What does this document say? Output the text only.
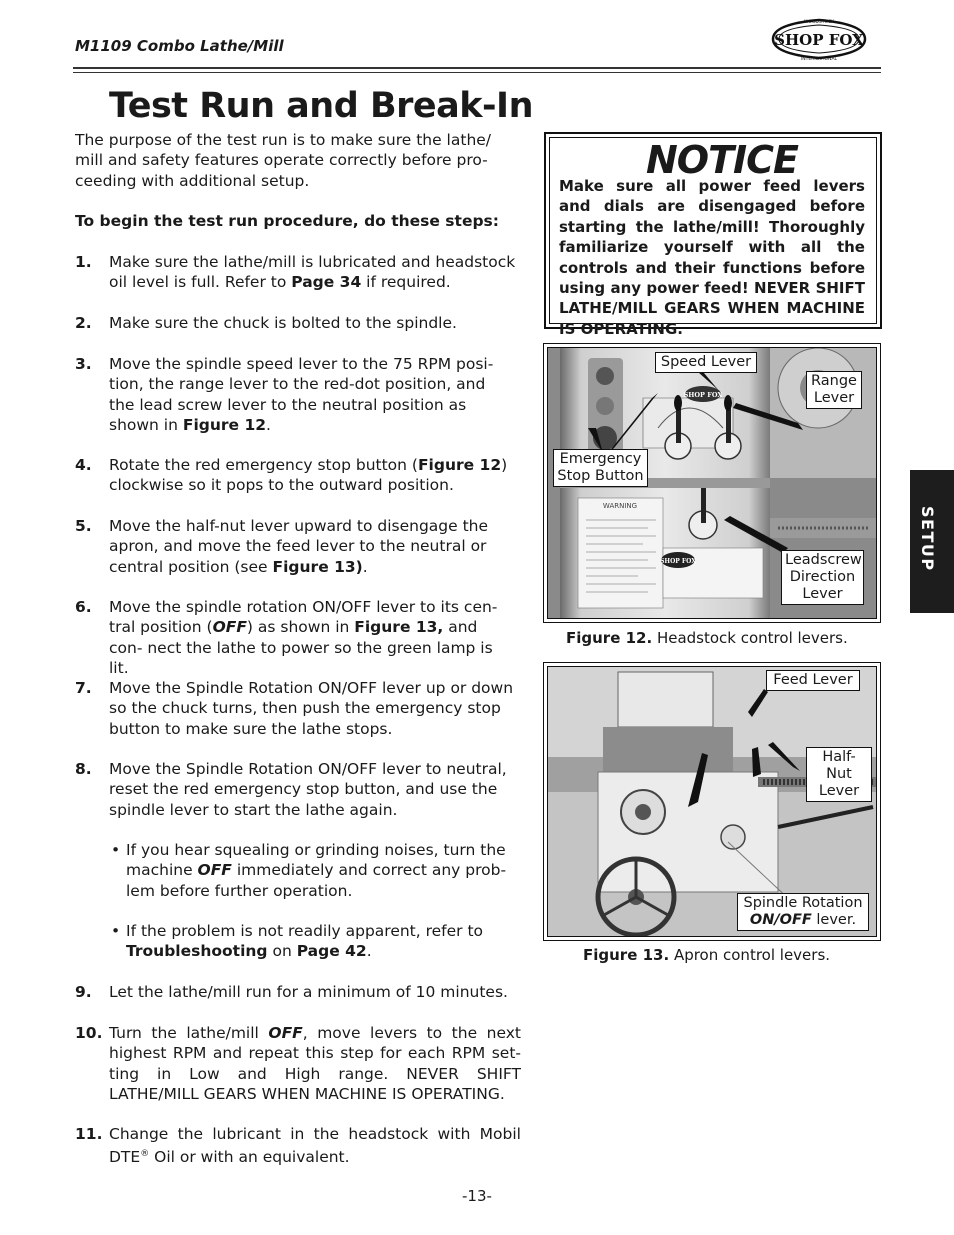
M1109 Combo Lathe/Mill	SHOP FOX
WOODSTOCK
INTERNATIONAL
Test Run and Break-In
The purpose of the test run is to make sure the lathe/ mill and safety features operate correctly before pro- ceeding with additional setup.
To begin the test run procedure, do these steps:
1. Make sure the lathe/mill is lubricated and headstock oil level is full. Refer to Page 34 if required.
2. Make sure the chuck is bolted to the spindle.
3. Move the spindle speed lever to the 75 RPM posi- tion, the range lever to the red-dot position, and the lead screw lever to the neutral position as shown in Figure 12.
4. Rotate the red emergency stop button (Figure 12) clockwise so it pops to the outward position.
5. Move the half-nut lever upward to disengage the apron, and move the feed lever to the neutral or central position (see Figure 13).
6. Move the spindle rotation ON/OFF lever to its cen- tral position (OFF) as shown in Figure 13, and con- nect the lathe to power so the green lamp is lit.
7. Move the Spindle Rotation ON/OFF lever up or down so the chuck turns, then push the emergency stop button to make sure the lathe stops.
8. Move the Spindle Rotation ON/OFF lever to neutral, reset the red emergency stop button, and use the spindle lever to start the lathe again.
• If you hear squealing or grinding noises, turn the machine OFF immediately and correct any prob- lem before further operation.
• If the problem is not readily apparent, refer to Troubleshooting on Page 42.
9. Let the lathe/mill run for a minimum of 10 minutes.
10. Turn the lathe/mill OFF, move levers to the next highest RPM and repeat this step for each RPM set- ting in Low and High range. NEVER SHIFT LATHE/MILL GEARS WHEN MACHINE IS OPERATING.
11. Change the lubricant in the headstock with Mobil DTE® Oil or with an equivalent.
NOTICE
Make sure all power feed levers and dials are disengaged before starting the lathe/mill! Thoroughly familiarize yourself with all the controls and their functions before using any power feed! NEVER SHIFT LATHE/MILL GEARS WHEN MACHINE IS OPERATING.
WARNING
SHOP FOX
SHOP FOX
Speed Lever
Range Lever
Emergency Stop Button
Leadscrew Direction Lever
Figure 12. Headstock control levers.
Feed Lever
Half-Nut Lever
Spindle Rotation
ON/OFF lever.
Figure 13. Apron control levers.
SETUP
-13-
